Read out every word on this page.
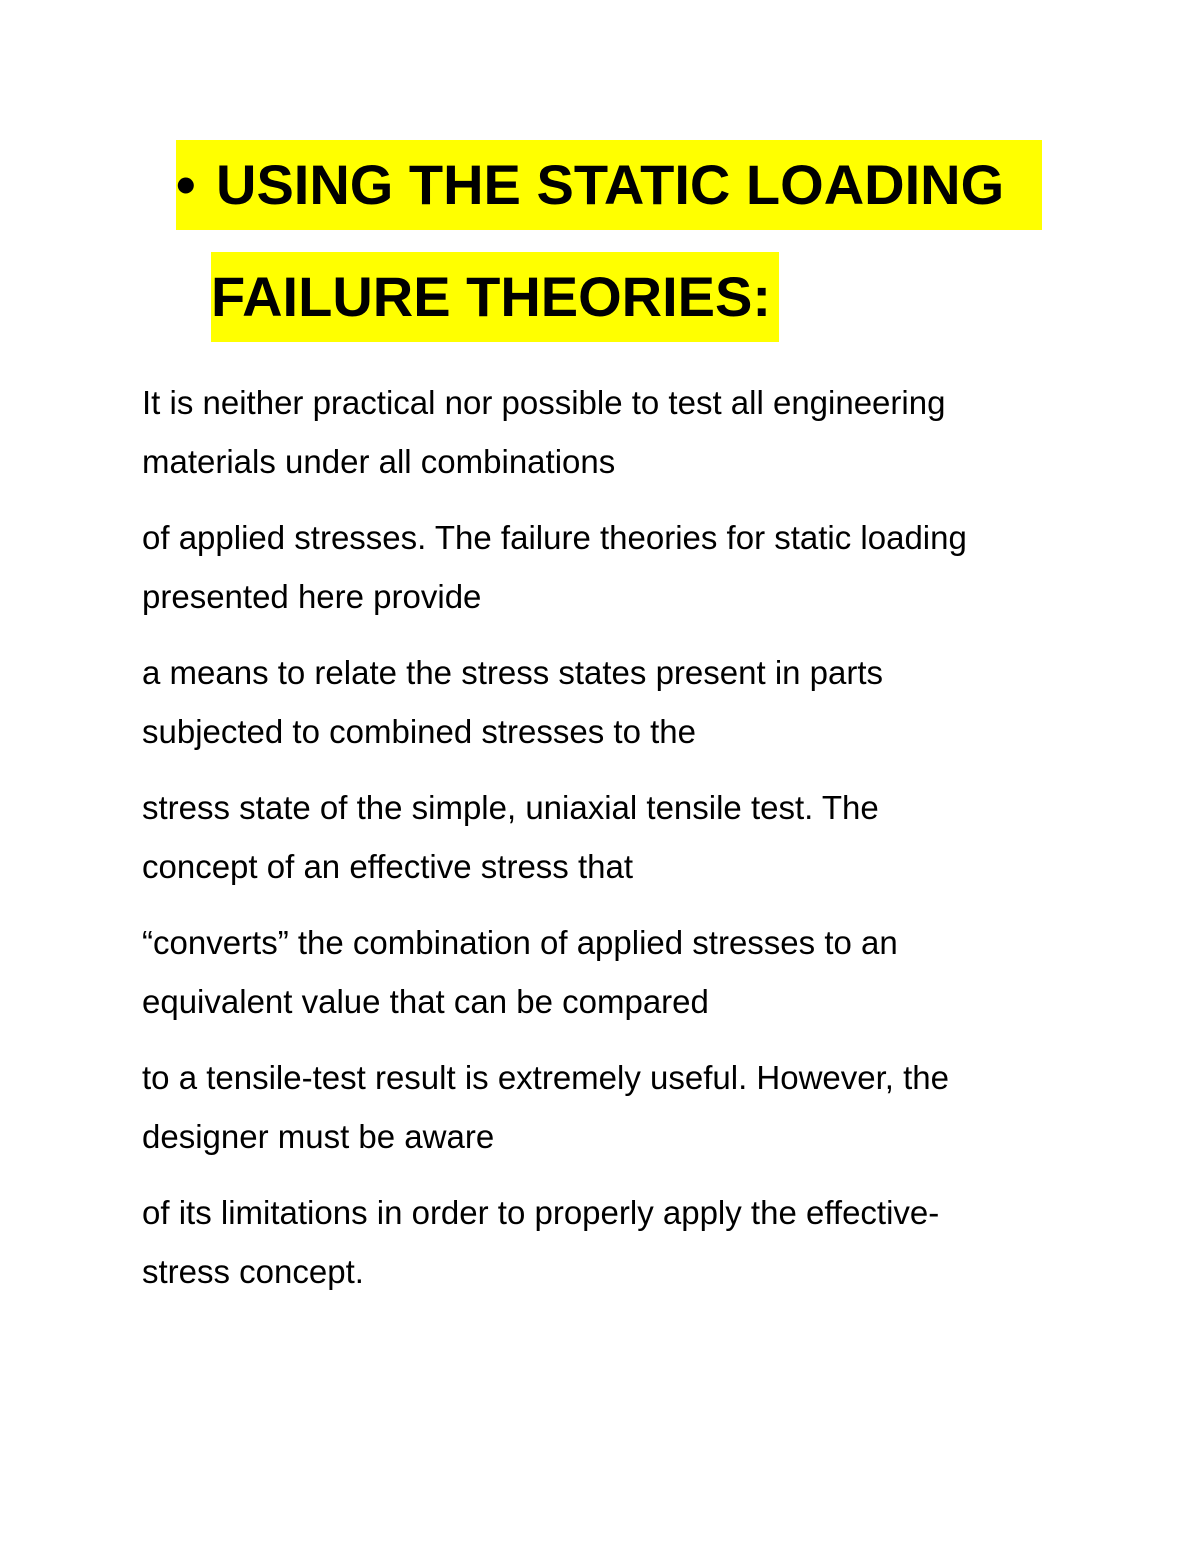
• USING THE STATIC LOADING
FAILURE THEORIES:

It is neither practical nor possible to test all engineering
materials under all combinations

of applied stresses. The failure theories for static loading
presented here provide

a means to relate the stress states present in parts
subjected to combined stresses to the

stress state of the simple, uniaxial tensile test. The
concept of an effective stress that

“converts” the combination of applied stresses to an
equivalent value that can be compared

to a tensile-test result is extremely useful. However, the
designer must be aware

of its limitations in order to properly apply the effective-
stress concept.
